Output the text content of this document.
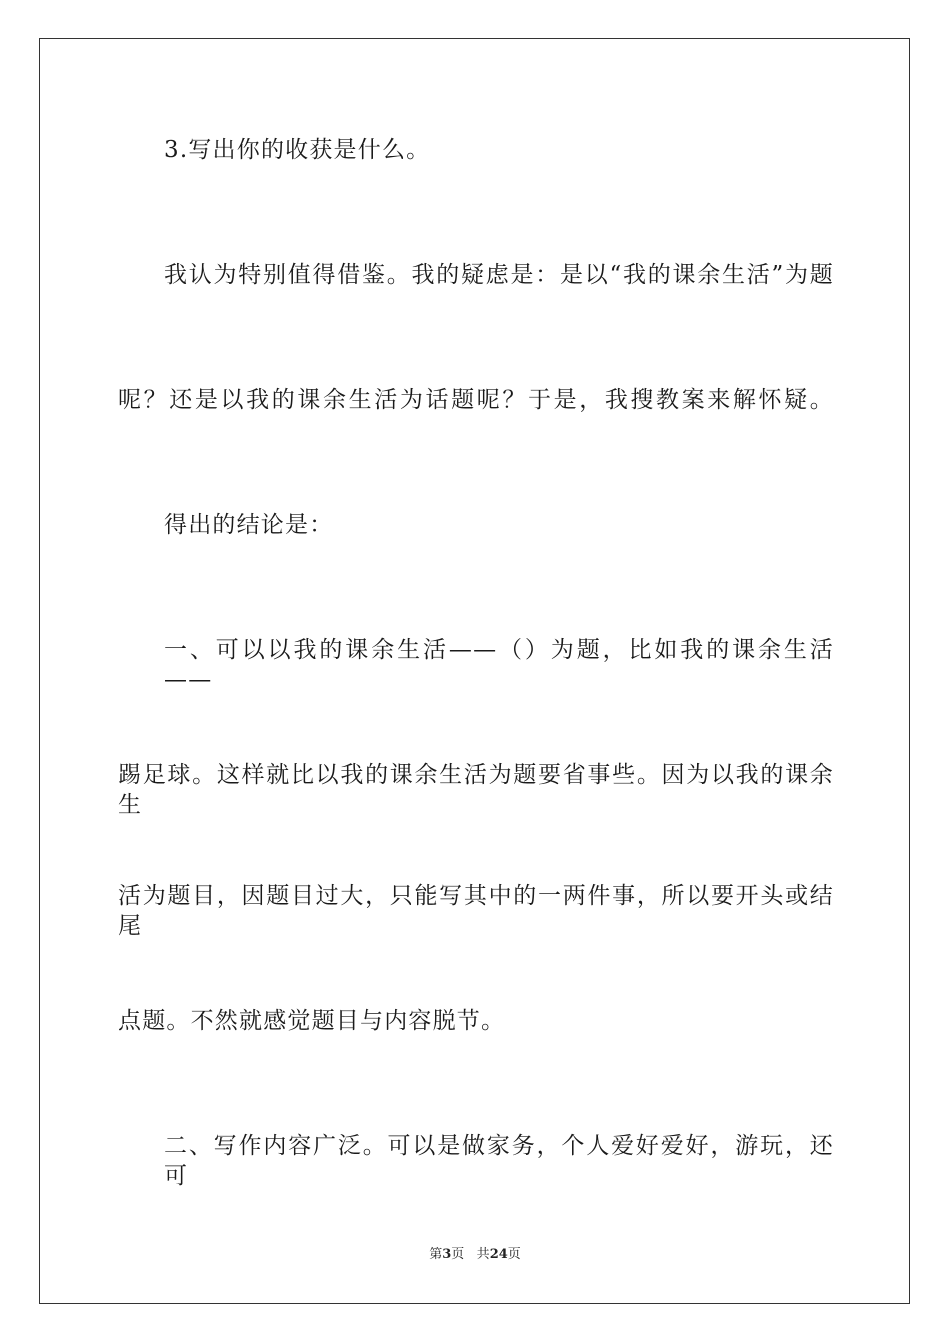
3.写出你的收获是什么。
我认为特别值得借鉴。我的疑虑是：是以“我的课余生活”为题
呢？还是以我的课余生活为话题呢？于是，我搜教案来解怀疑。
得出的结论是：
一、可以以我的课余生活——（）为题，比如我的课余生活——
踢足球。这样就比以我的课余生活为题要省事些。因为以我的课余生
活为题目，因题目过大，只能写其中的一两件事，所以要开头或结尾
点题。不然就感觉题目与内容脱节。
二、写作内容广泛。可以是做家务，个人爱好爱好，游玩，还可
第3页 共24页
